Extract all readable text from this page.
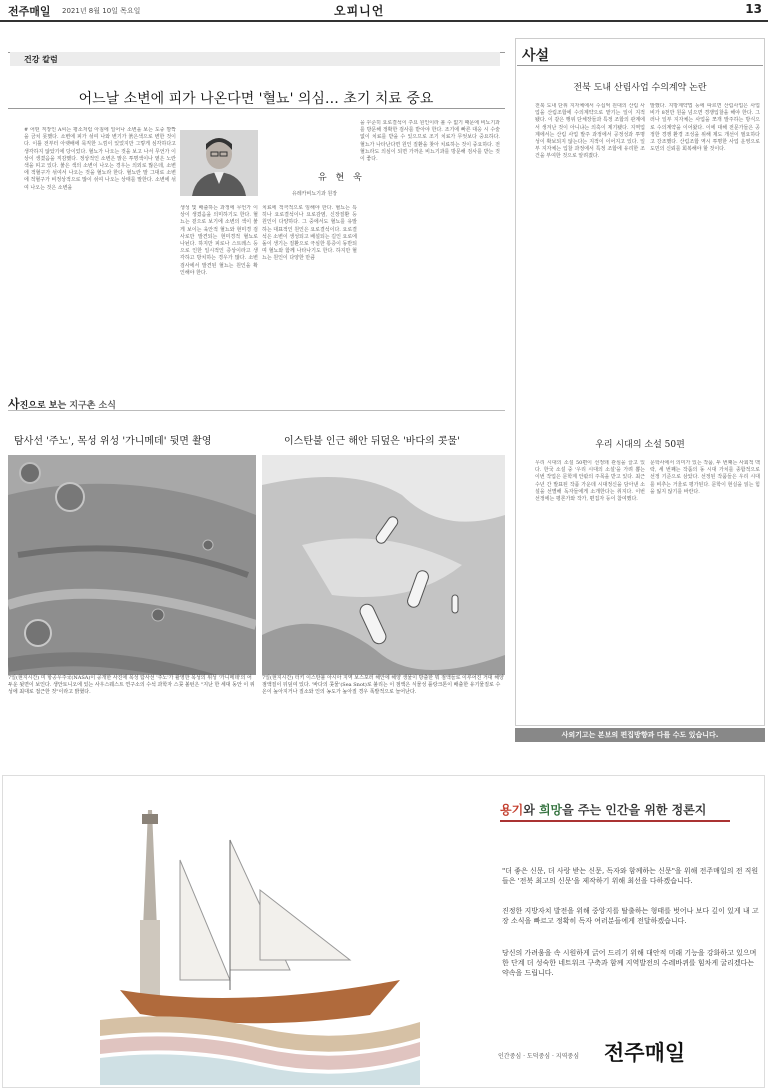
전주매일 2021년 8월 10일 목요일	오피니언	13
건강 칼럼
어느날 소변에 피가 나온다면 '혈뇨' 의심… 초기 치료 중요
# 어떤 직장인 A씨는 평소처럼 아침에 일어나 소변을 보는 도중 깜짝을 금치 못했다. 소변에 피가 섞여 나와 변기가 붉은색으로 변한 것이다. 이틀 전부터 아랫배에 묵직한 느낌이 있었지만 그렇게 심각하다고 생각하지 않았기에 당이었다. 혈뇨가 나오는 것을 보고 나서 무언가 이상이 생겼음을 직감했다. 정상적인 소변은 맑은 투명색이나 옅은 노란색을 띠고 있다. 붉은 색의 소변이 나오는 경우는 의외로 많은데, 소변에 적혈구가 섞여서 나오는 것을 혈뇨라 한다. 혈뇨란 말 그대로 소변에 적혈구가 비정상적으로 많이 섞여 나오는 상태를 말한다. 소변에 섞여 나오는 것은 소변을
유 현 욱
유레카비뇨기과 원장
생성 및 배출하는 과정에 무언가 이상이 생겼음을 의미하기도 한다. 혈뇨는 겉으로 보기에 소변의 색이 붉게 보이는 육안적 혈뇨와 현미경 검사로만 발견되는 현미경적 혈뇨로 나뉜다. 하지만 피로나 스트레스 등으로 인한 일시적인 증상이라고 생각하고 방치하는 경우가 많다. 소변 검사에서 발견된 혈뇨는 원인을 확인해야 한다.
치료에 적극적으로 임해야 한다. 혈뇨는 특히나 요로결석이나 요로감염, 신장질환 등 원인이 다양하다. 그 중에서도 혈뇨를 유발하는 대표적인 원인은 요로결석이다. 요로결석은 소변이 생성되고 배설되는 길인 요로에 돌이 생기는 질환으로 극심한 통증이 동반되며 혈뇨와 함께 나타나기도 한다. 하지만 혈뇨는 원인이 다양한 만큼
을 꾸준히 요로결석이 주요 원인이라 볼 수 없기 때문에 비뇨기과를 방문해 정확한 검사를 받아야 한다. 조기에 빠른 대응 시 수술 없이 치료를 받을 수 있으므로 조기 치료가 무엇보다 중요하다. 혈뇨가 나타난다면 원인 질환을 찾아 치료하는 것이 중요하다. 전혈뇨라도 의심이 되면 가까운 비뇨기과를 방문해 검사를 받는 것이 좋다.
사진으로 보는 지구촌 소식
탐사선 '주노', 목성 위성 '가니메데' 뒷면 촬영	이스탄불 인근 해안 뒤덮은 '바다의 콧물'
7일(현지시간) 미 항공우주국(NASA)이 공개한 사진에 목성 탐사선 '주노'가 촬영한 목성의 위성 '가니메데'의 어두운 뒷면이 보인다. 생안토니오에 있는 사우스웨스트 연구소의 수석 과학자 스콧 볼턴은 "지난 한 세대 동안 이 위성에 최대로 접근한 것"이라고 밝혔다.
7일(현지시간) 터키 이스탄불 아시아 지역 보스포러 해안에 해양 생물이 방출한 뭐 점액들로 이루어진 거대 해양 점액질이 뒤덮여 있다. '바다의 콧물'(Sea Snot)로 불리는 이 점액은 식물성 플랑크톤이 배출한 유기물질로 수온이 높아지거나 질소와 인의 농도가 높아질 경우 폭발적으로 늘어난다.
사설
전북 도내 산림사업 수의계약 논란
전북 도내 단위 지자체에서 수십억 원대의 산림 사업을 산림조합에 수의계약으로 맡기는 일이 지적 됐다. 이 같은 행위 단체장들과 특정 조합의 관계에서 생겨난 것이 아니냐는 의혹이 제기됐다. 지역업계에서는 산림 사업 발주 과정에서 공정성과 투명성이 확보되지 않는다는 지적이 이어지고 있다. 일부 지자체는 입찰 과정에서 특정 조합에 유리한 조건을 부여한 것으로 알려졌다.
발했다. 지방계약법 등에 따르면 산림사업은 사업비가 8천만 원을 넘으면 경쟁입찰을 해야 한다. 그러나 일부 지자체는 사업을 쪼개 발주하는 방식으로 수의계약을 이어왔다. 이에 대해 전문가들은 공정한 경쟁 환경 조성을 위해 제도 개선이 필요하다고 강조했다. 산림조합 역시 투명한 사업 운영으로 도민의 신뢰를 회복해야 할 것이다.
우리 시대의 소설 50편
우리 시대의 소설 50편이 선정돼 관심을 끌고 있다. 한국 소설 중 '우리 시대의 소설'을 가려 뽑는 이번 작업은 문학계 안팎의 주목을 받고 있다. 최근 수년 간 발표된 작품 가운데 시대정신을 담아낸 소설을 선별해 독자들에게 소개한다는 취지다. 이번 선정에는 평론가와 작가, 편집자 등이 참여했다.
문학사에서 의미가 있는 작품, 두 번째는 사회적 맥락, 세 번째는 작품의 동 시대 가치를 종합적으로 선정 기준으로 삼았다. 선정된 작품들은 우리 시대를 비추는 거울로 평가된다. 문학이 현실을 읽는 힘을 잃지 않기를 바란다.
사외기고는 본보의 편집방향과 다를 수도 있습니다.
용기와 희망을 주는 인간을 위한 정론지
"더 좋은 신문, 더 사랑 받는 신문, 독자와 함께하는 신문"을 위해 전주매일의 전 직원들은 '전북 최고의 신문'을 제작하기 위해 최선을 다하겠습니다.
진정한 지방자치 발전을 위해 중앙지를 탈출하는 형태를 벗어나 보다 깊이 있게 내 고장 소식을 빠르고 정확히 독자 여러분들에게 전달하겠습니다.
당신의 가려움을 속 시원하게 긁어 드리기 위해 대안적 미래 기능을 강화하고 있으며 한 단계 더 성숙한 네트워크 구축과 함께 지역발전의 수레바퀴를 힘차게 굴리겠다는 약속을 드립니다.
인간중심 · 도덕중심 · 지역중심 전주매일
